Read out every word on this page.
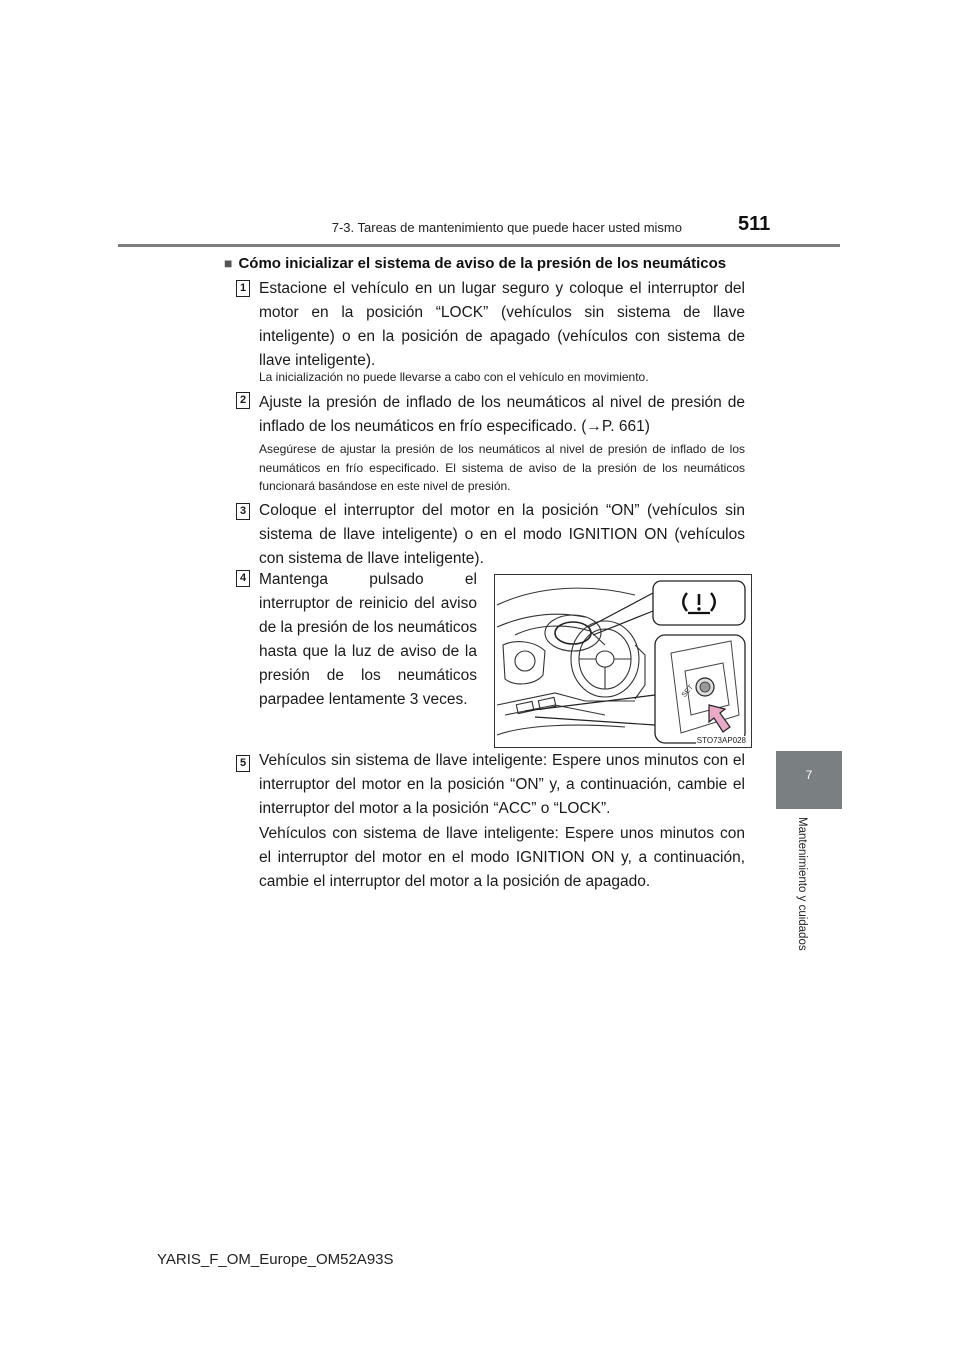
7-3. Tareas de mantenimiento que puede hacer usted mismo	511
7
Mantenimiento y cuidados
■ Cómo inicializar el sistema de aviso de la presión de los neumáticos
1 Estacione el vehículo en un lugar seguro y coloque el interruptor del motor en la posición “LOCK” (vehículos sin sistema de llave inteligente) o en la posición de apagado (vehículos con sistema de llave inteligente).
La inicialización no puede llevarse a cabo con el vehículo en movimiento.
2 Ajuste la presión de inflado de los neumáticos al nivel de presión de inflado de los neumáticos en frío especificado. (→P. 661)
Asegúrese de ajustar la presión de los neumáticos al nivel de presión de inflado de los neumáticos en frío especificado. El sistema de aviso de la presión de los neumáticos funcionará basándose en este nivel de presión.
3 Coloque el interruptor del motor en la posición “ON” (vehículos sin sistema de llave inteligente) o en el modo IGNITION ON (vehículos con sistema de llave inteligente).
4 Mantenga pulsado el interruptor de reinicio del aviso de la presión de los neumáticos hasta que la luz de aviso de la presión de los neumáticos parpadee lentamente 3 veces.	SET
STO73AP028
5 Vehículos sin sistema de llave inteligente: Espere unos minutos con el interruptor del motor en la posición “ON” y, a continuación, cambie el interruptor del motor a la posición “ACC” o “LOCK”.
Vehículos con sistema de llave inteligente: Espere unos minutos con el interruptor del motor en el modo IGNITION ON y, a continuación, cambie el interruptor del motor a la posición de apagado.
YARIS_F_OM_Europe_OM52A93S
